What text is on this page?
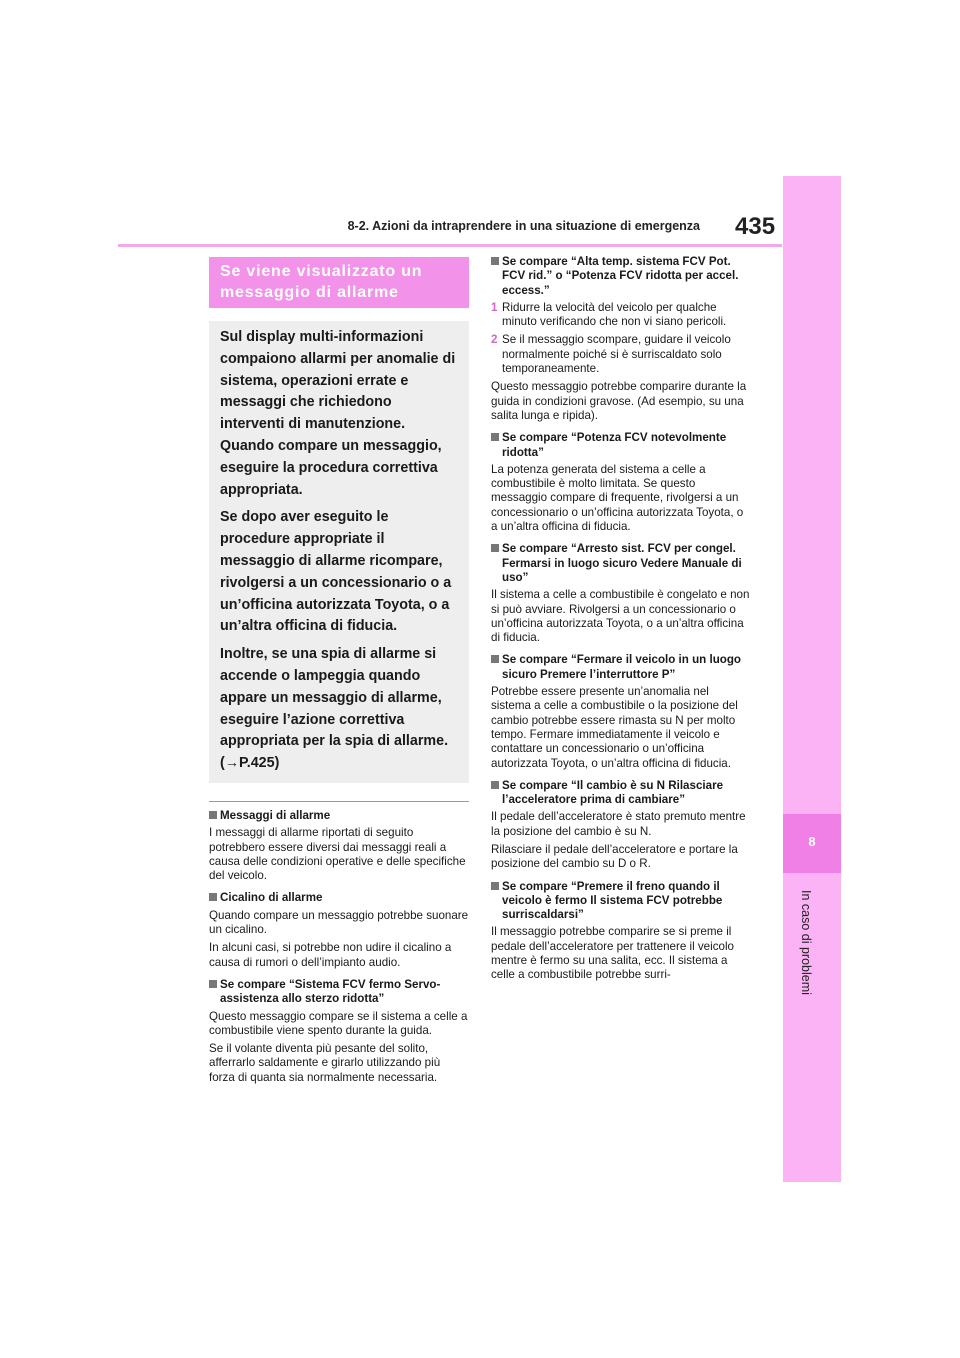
8
In caso di problemi
8-2. Azioni da intraprendere in una situazione di emergenza 435
Se viene visualizzato un messaggio di allarme

Sul display multi-informazioni compaiono allarmi per anomalie di sistema, operazioni errate e messaggi che richiedono interventi di manutenzione. Quando compare un messaggio, eseguire la procedura correttiva appropriata.

Se dopo aver eseguito le procedure appropriate il messaggio di allarme ricompare, rivolgersi a un concessionario o a un’officina autorizzata Toyota, o a un’altra officina di fiducia.

Inoltre, se una spia di allarme si accende o lampeggia quando appare un messaggio di allarme, eseguire l’azione correttiva appropriata per la spia di allarme. (→P.425)

Messaggi di allarme

I messaggi di allarme riportati di seguito potrebbero essere diversi dai messaggi reali a causa delle condizioni operative e delle specifiche del veicolo.

Cicalino di allarme

Quando compare un messaggio potrebbe suonare un cicalino.

In alcuni casi, si potrebbe non udire il cicalino a causa di rumori o dell’impianto audio.

Se compare “Sistema FCV fermo Servo-assistenza allo sterzo ridotta”

Questo messaggio compare se il sistema a celle a combustibile viene spento durante la guida.

Se il volante diventa più pesante del solito, afferrarlo saldamente e girarlo utilizzando più forza di quanta sia normalmente necessaria.

Se compare “Alta temp. sistema FCV Pot. FCV rid.” o “Potenza FCV ridotta per accel. eccess.”
1 Ridurre la velocità del veicolo per qualche minuto verificando che non vi siano pericoli.
2 Se il messaggio scompare, guidare il veicolo normalmente poiché si è surriscaldato solo temporaneamente.

Questo messaggio potrebbe comparire durante la guida in condizioni gravose. (Ad esempio, su una salita lunga e ripida).

Se compare “Potenza FCV notevolmente ridotta”

La potenza generata del sistema a celle a combustibile è molto limitata. Se questo messaggio compare di frequente, rivolgersi a un concessionario o un’officina autorizzata Toyota, o a un’altra officina di fiducia.

Se compare “Arresto sist. FCV per congel. Fermarsi in luogo sicuro Vedere Manuale di uso”

Il sistema a celle a combustibile è congelato e non si può avviare. Rivolgersi a un concessionario o un’officina autorizzata Toyota, o a un’altra officina di fiducia.

Se compare “Fermare il veicolo in un luogo sicuro Premere l’interruttore P”

Potrebbe essere presente un’anomalia nel sistema a celle a combustibile o la posizione del cambio potrebbe essere rimasta su N per molto tempo. Fermare immediatamente il veicolo e contattare un concessionario o un’officina autorizzata Toyota, o un’altra officina di fiducia.

Se compare “Il cambio è su N Rilasciare l’acceleratore prima di cambiare”

Il pedale dell’acceleratore è stato premuto mentre la posizione del cambio è su N.

Rilasciare il pedale dell’acceleratore e portare la posizione del cambio su D o R.

Se compare “Premere il freno quando il veicolo è fermo Il sistema FCV potrebbe surriscaldarsi”

Il messaggio potrebbe comparire se si preme il pedale dell’acceleratore per trattenere il veicolo mentre è fermo su una salita, ecc. Il sistema a celle a combustibile potrebbe surri-
